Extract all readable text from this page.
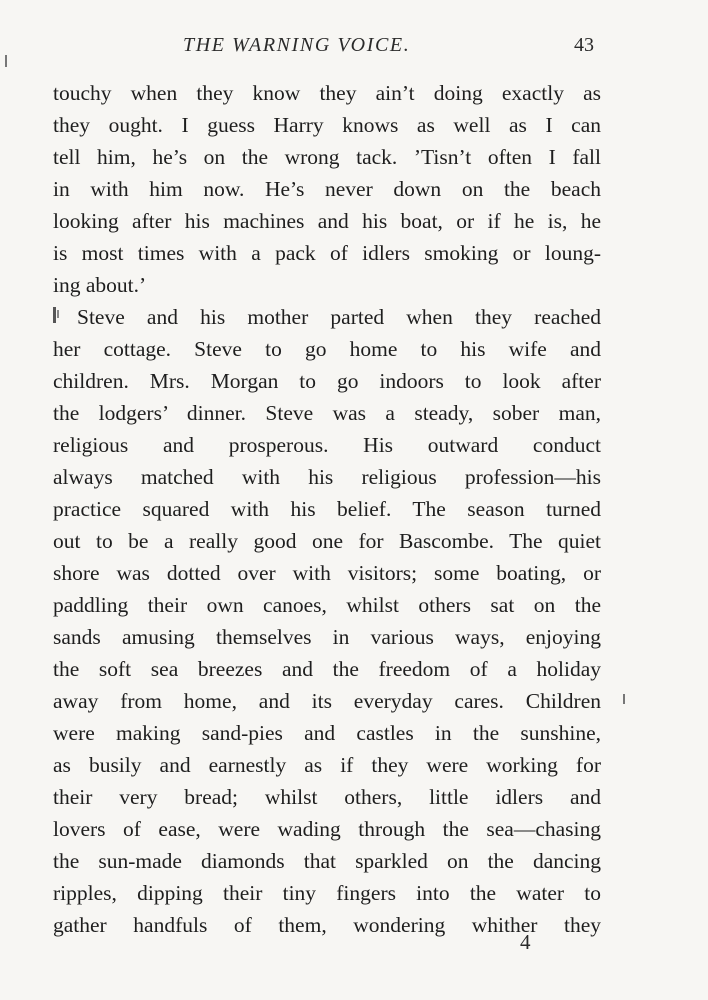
THE WARNING VOICE.	43
touchy when they know they ain’t doing exactly as
they ought. I guess Harry knows as well as I can
tell him, he’s on the wrong tack. ’Tisn’t often I fall
in with him now. He’s never down on the beach
looking after his machines and his boat, or if he is, he
is most times with a pack of idlers smoking or loung-
ing about.’
Steve and his mother parted when they reached
her cottage. Steve to go home to his wife and
children. Mrs. Morgan to go indoors to look after
the lodgers’ dinner. Steve was a steady, sober man,
religious and prosperous. His outward conduct
always matched with his religious profession—his
practice squared with his belief. The season turned
out to be a really good one for Bascombe. The quiet
shore was dotted over with visitors; some boating, or
paddling their own canoes, whilst others sat on the
sands amusing themselves in various ways, enjoying
the soft sea breezes and the freedom of a holiday
away from home, and its everyday cares. Children
were making sand-pies and castles in the sunshine,
as busily and earnestly as if they were working for
their very bread; whilst others, little idlers and
lovers of ease, were wading through the sea—chasing
the sun-made diamonds that sparkled on the dancing
ripples, dipping their tiny fingers into the water to
gather handfuls of them, wondering whither they
4
